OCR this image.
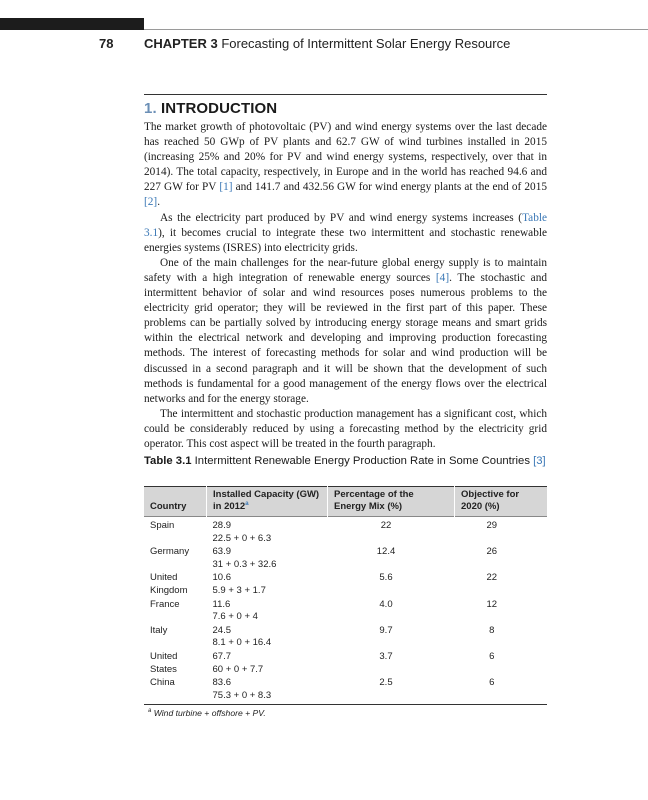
78 CHAPTER 3 Forecasting of Intermittent Solar Energy Resource
1. INTRODUCTION

The market growth of photovoltaic (PV) and wind energy systems over the last decade has reached 50 GWp of PV plants and 62.7 GW of wind turbines installed in 2015 (increasing 25% and 20% for PV and wind energy systems, respectively, over that in 2014). The total capacity, respectively, in Europe and in the world has reached 94.6 and 227 GW for PV [1] and 141.7 and 432.56 GW for wind energy plants at the end of 2015 [2].

As the electricity part produced by PV and wind energy systems increases (Table 3.1), it becomes crucial to integrate these two intermittent and stochastic renewable energies systems (ISRES) into electricity grids.

One of the main challenges for the near-future global energy supply is to maintain safety with a high integration of renewable energy sources [4]. The stochastic and intermittent behavior of solar and wind resources poses numerous problems to the electricity grid operator; they will be reviewed in the first part of this paper. These problems can be partially solved by introducing energy storage means and smart grids within the electrical network and developing and improving production forecasting methods. The interest of forecasting methods for solar and wind production will be discussed in a second paragraph and it will be shown that the development of such methods is fundamental for a good management of the energy flows over the electrical networks and for the energy storage.

The intermittent and stochastic production management has a significant cost, which could be considerably reduced by using a forecasting method by the electricity grid operator. This cost aspect will be treated in the fourth paragraph.

Table 3.1 Intermittent Renewable Energy Production Rate in Some Countries [3]
Country	Installed Capacity (GW) in 2012$^a$	Percentage of the Energy Mix (%)	Objective for 2020 (%)
Spain	28.9
22.5 + 0 + 6.3	22	29
Germany	63.9
31 + 0.3 + 32.6	12.4	26
United Kingdom	10.6
5.9 + 3 + 1.7	5.6	22
France	11.6
7.6 + 0 + 4	4.0	12
Italy	24.5
8.1 + 0 + 16.4	9.7	8
United States	67.7
60 + 0 + 7.7	3.7	6
China	83.6
75.3 + 0 + 8.3	2.5	6
$^a$ Wind turbine + offshore + PV.
